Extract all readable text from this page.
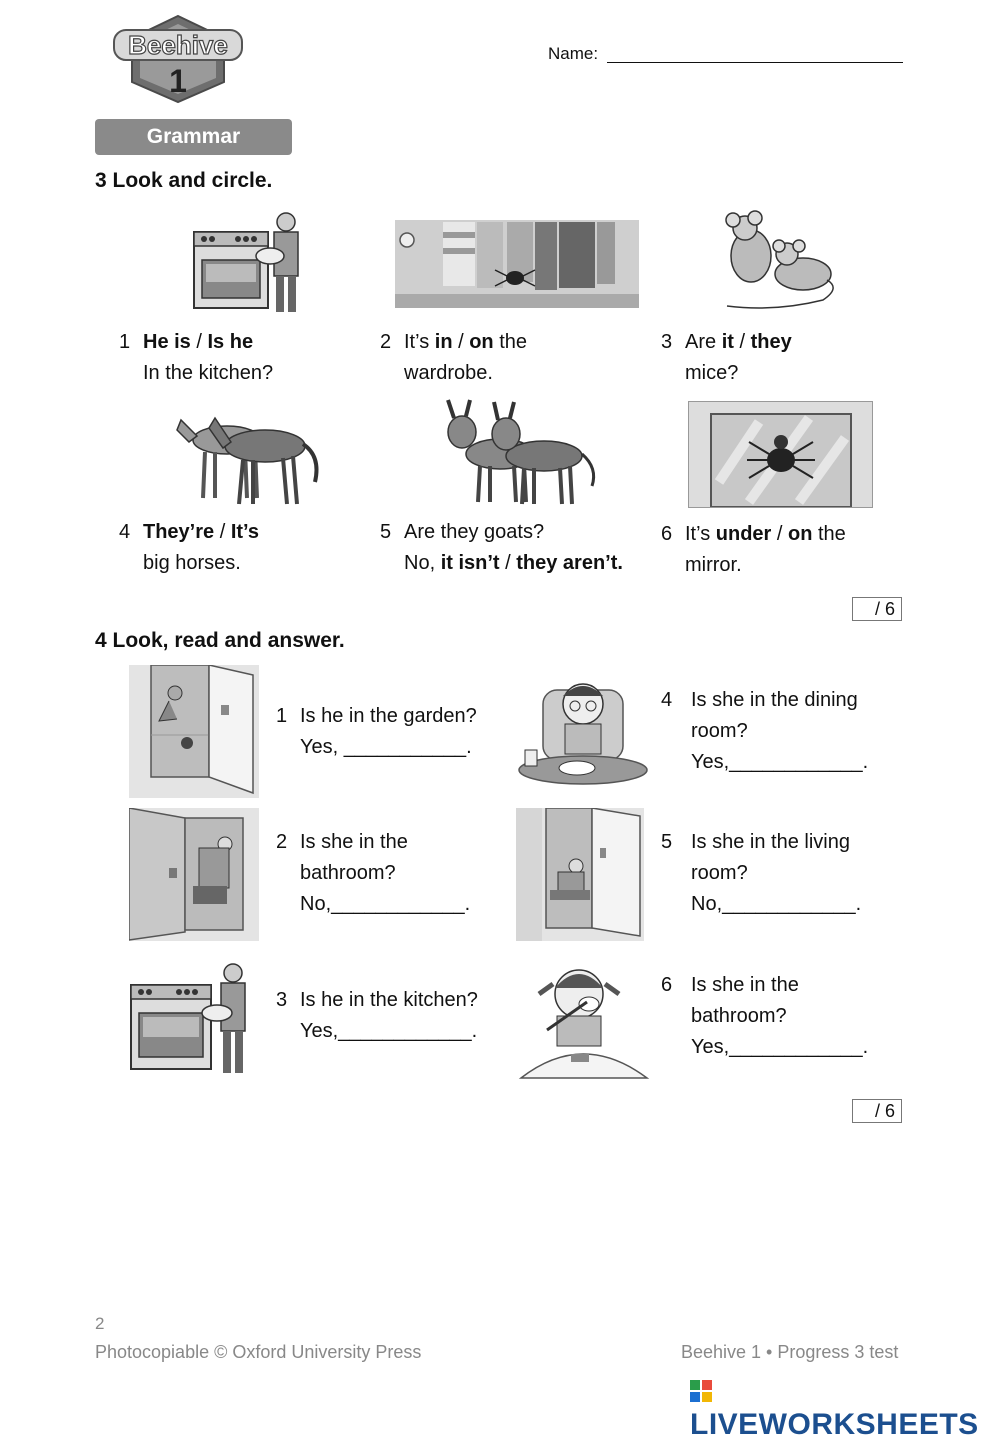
Beehive
1
Name:
Grammar
3 Look and circle.
1 He is / Is he
In the kitchen?
2 It’s in / on the
wardrobe.
3 Are it / they
mice?
4 They’re / It’s
big horses.
5 Are they goats?
No, it isn’t / they aren’t.
6 It’s under / on the
mirror.
/ 6
4 Look, read and answer.
1 Is he in the garden?
Yes, ___________.
2 Is she in the
bathroom?
No,____________.
3 Is he in the kitchen?
Yes,____________.
4 Is she in the dining
room?
Yes,____________.
5 Is she in the living
room?
No,____________.
6 Is she in the
bathroom?
Yes,____________.
/ 6
2
Photocopiable © Oxford University Press	Beehive 1 • Progress 3 test
LIVEWORKSHEETS
